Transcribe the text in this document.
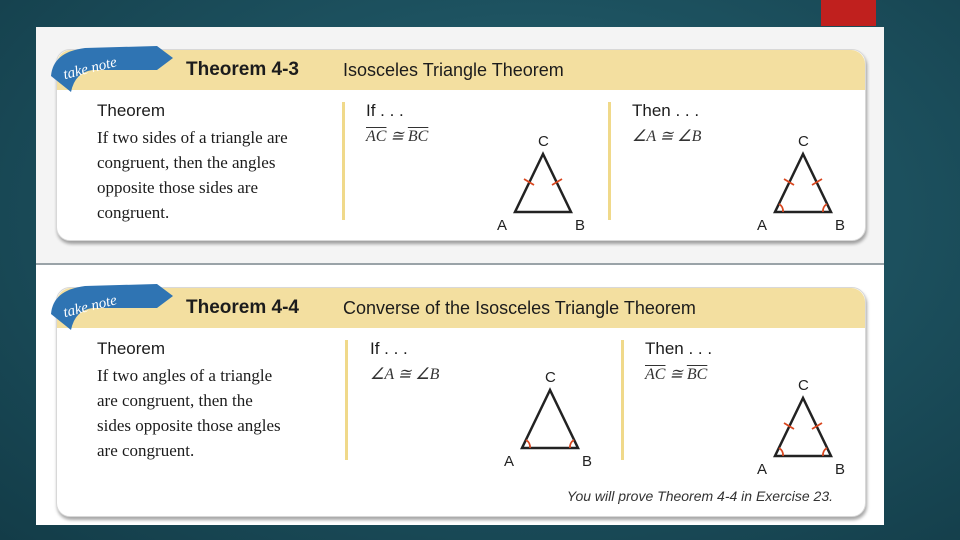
Theorem 4-3 Isosceles Triangle Theorem
take note
Theorem
If two sides of a triangle are
congruent, then the angles
opposite those sides are
congruent.
If . . .
$\overline{AC}$ ≅ $\overline{BC}$	C
A	B
Then . . .
∠A ≅ ∠B	C
A	B
Theorem 4-4 Converse of the Isosceles Triangle Theorem
take note
Theorem
If two angles of a triangle
are congruent, then the
sides opposite those angles
are congruent.
If . . .
∠A ≅ ∠B	C
A	B
Then . . .
$\overline{AC}$ ≅ $\overline{BC}$
C
A	B
You will prove Theorem 4-4 in Exercise 23.
